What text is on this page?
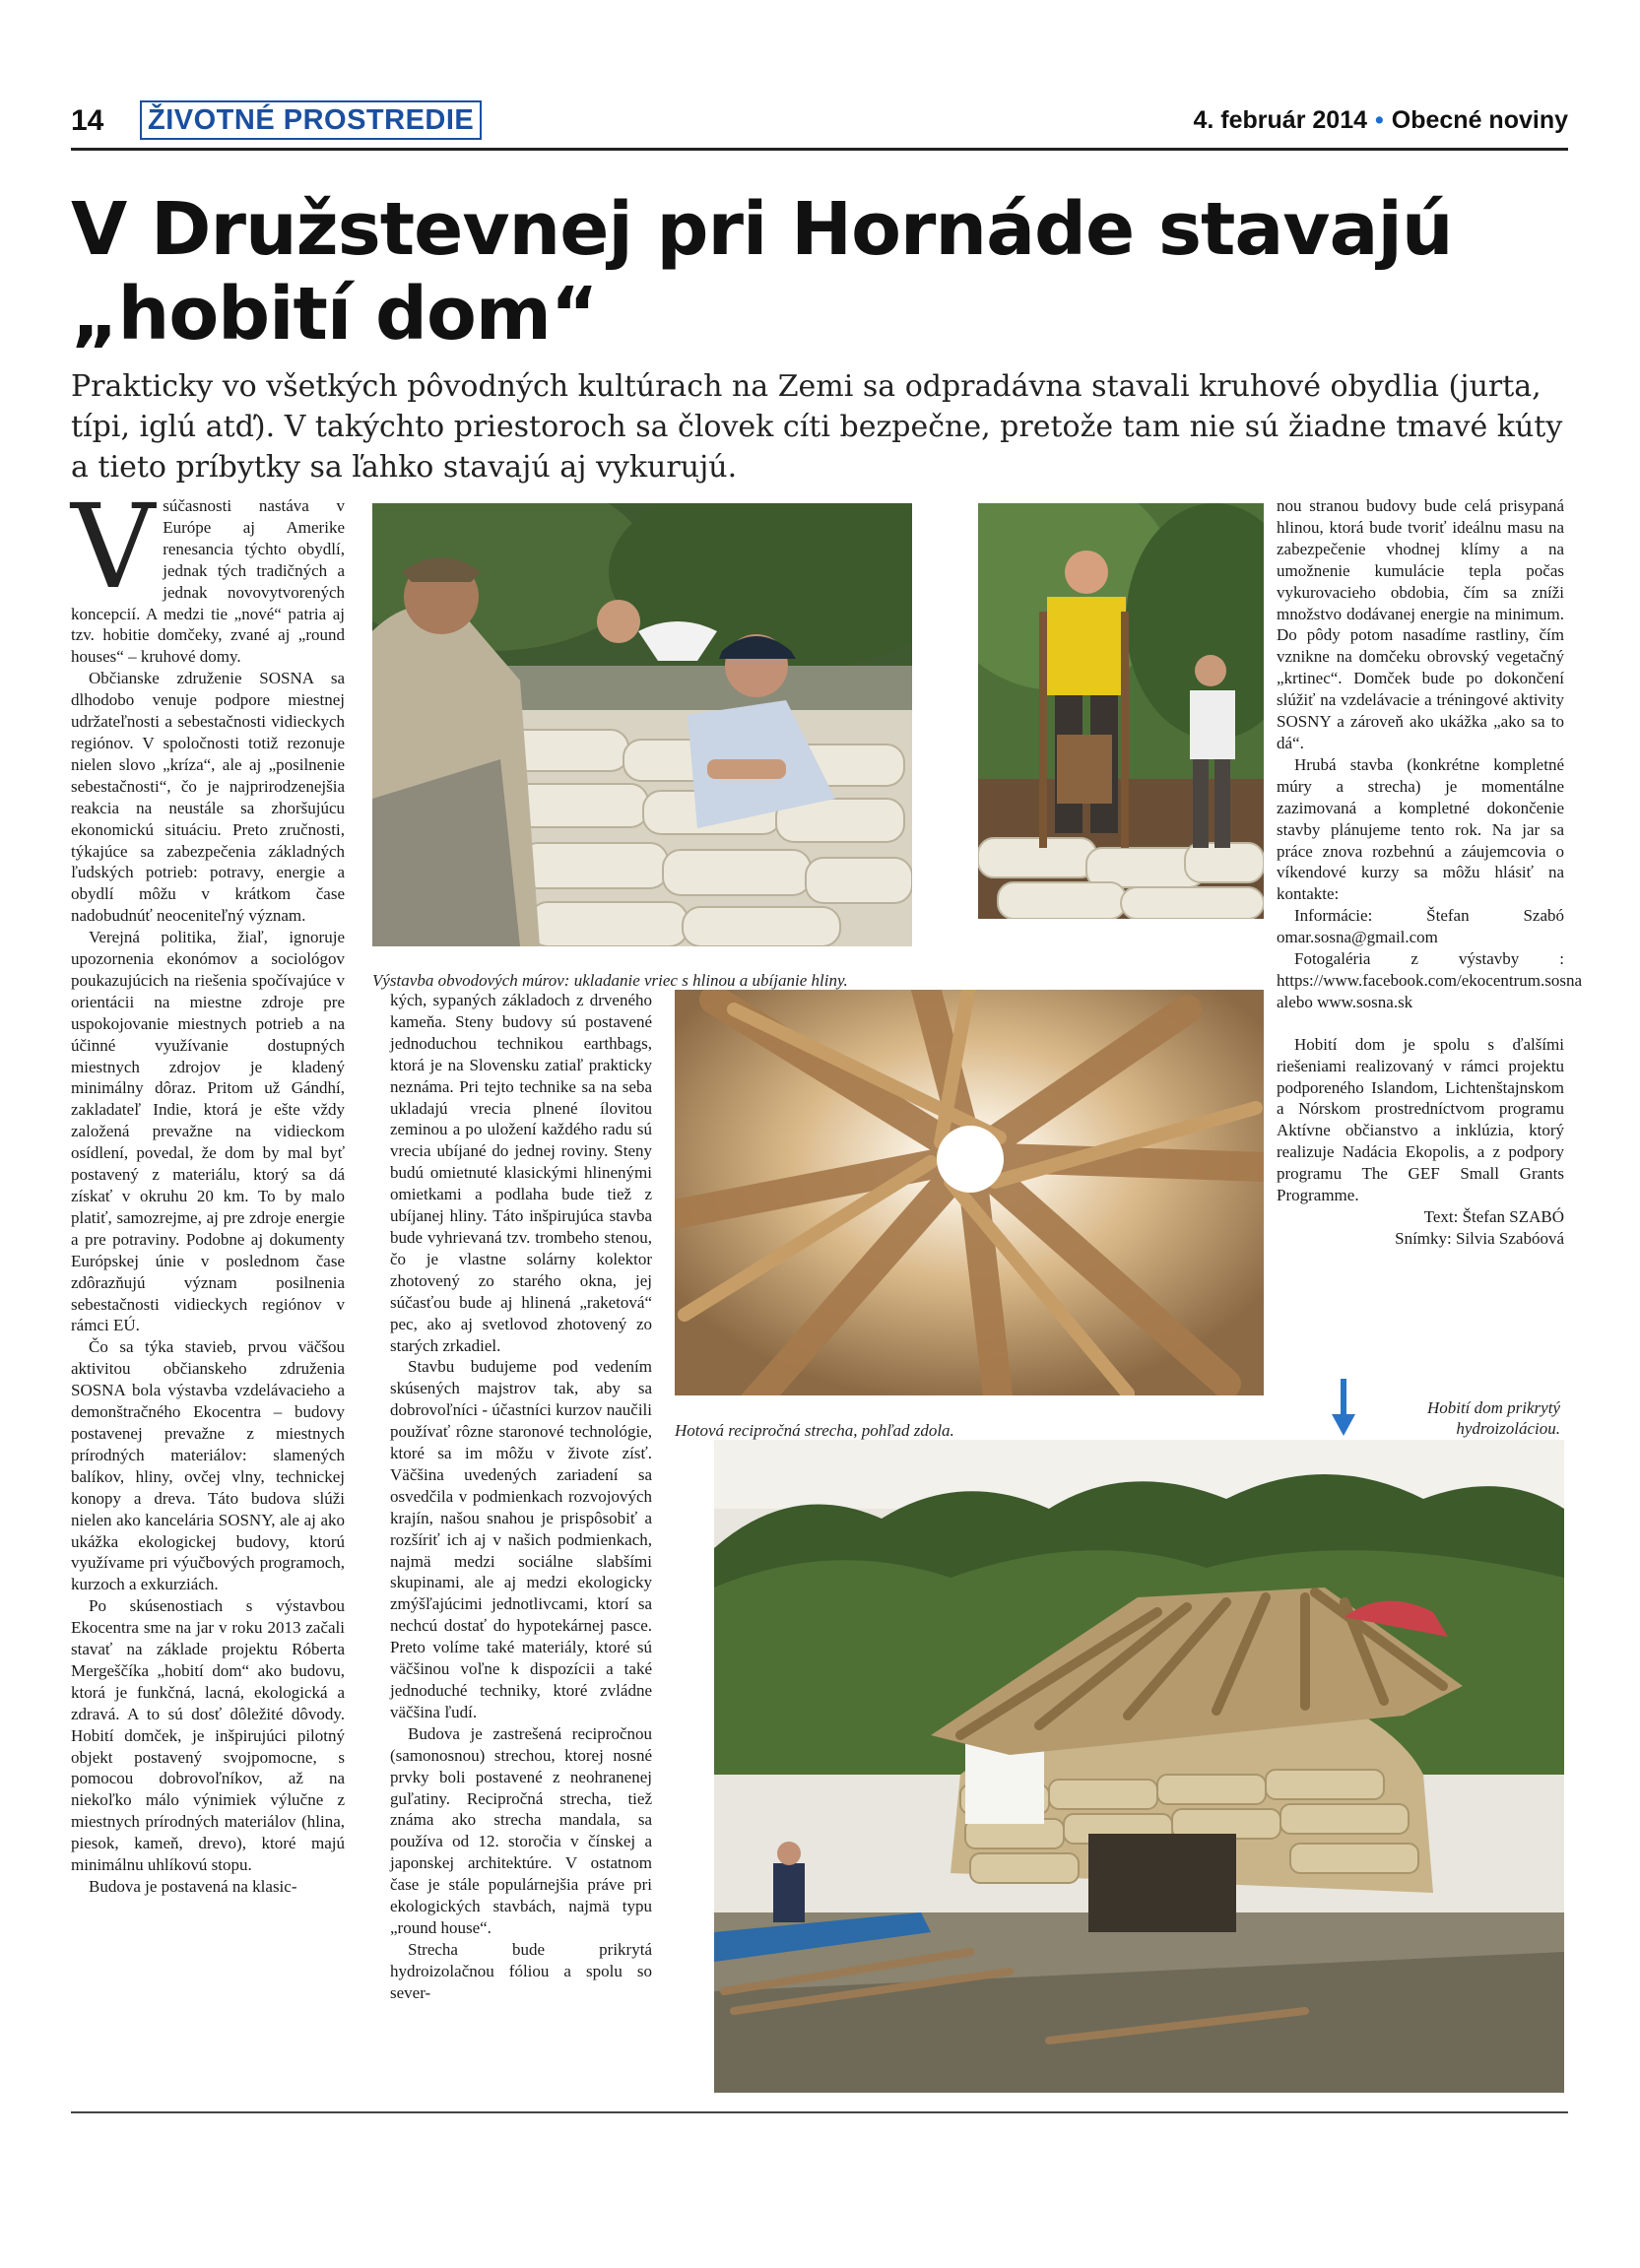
14 ŽIVOTNÉ PROSTREDIE	4. február 2014 • Obecné noviny
V Družstevnej pri Hornáde stavajú
„hobití dom“

Prakticky vo všetkých pôvodných kultúrach na Zemi sa odpradávna stavali kruhové obydlia (jurta, típi, iglú atď). V takýchto priestoroch sa človek cíti bezpečne, pretože tam nie sú žiadne tmavé kúty a tieto príbytky sa ľahko stavajú aj vykurujú.

Vsúčasnosti nastáva v Európe aj Amerike renesancia týchto obydlí, jednak tých tradičných a jednak novovytvorených koncepcií. A medzi tie „nové“ patria aj tzv. hobitie domčeky, zvané aj „round houses“ – kruhové domy.

Občianske združenie SOSNA sa dlhodobo venuje podpore miestnej udržateľnosti a sebestačnosti vidieckych regiónov. V spoločnosti totiž rezonuje nielen slovo „kríza“, ale aj „posilnenie sebestačnosti“, čo je najprirodzenejšia reakcia na neustále sa zhoršujúcu ekonomickú situáciu. Preto zručnosti, týkajúce sa zabezpečenia základných ľudských potrieb: potravy, energie a obydlí môžu v krátkom čase nadobudnúť neoceniteľný význam.

Verejná politika, žiaľ, ignoruje upozornenia ekonómov a sociológov poukazujúcich na riešenia spočívajúce v orientácii na miestne zdroje pre uspokojovanie miestnych potrieb a na účinné využívanie dostupných miestnych zdrojov je kladený minimálny dôraz. Pritom už Gándhí, zakladateľ Indie, ktorá je ešte vždy založená prevažne na vidieckom osídlení, povedal, že dom by mal byť postavený z materiálu, ktorý sa dá získať v okruhu 20 km. To by malo platiť, samozrejme, aj pre zdroje energie a pre potraviny. Podobne aj dokumenty Európskej únie v poslednom čase zdôrazňujú význam posilnenia sebestačnosti vidieckych regiónov v rámci EÚ.

Čo sa týka stavieb, prvou väčšou aktivitou občianskeho združenia SOSNA bola výstavba vzdelávacieho a demonštračného Ekocentra – budovy postavenej prevažne z miestnych prírodných materiálov: slamených balíkov, hliny, ovčej vlny, technickej konopy a dreva. Táto budova slúži nielen ako kancelária SOSNY, ale aj ako ukážka ekologickej budovy, ktorú využívame pri výučbových programoch, kurzoch a exkurziách.

Po skúsenostiach s výstavbou Ekocentra sme na jar v roku 2013 začali stavať na základe projektu Róberta Mergeščíka „hobití dom“ ako budovu, ktorá je funkčná, lacná, ekologická a zdravá. A to sú dosť dôležité dôvody. Hobití domček, je inšpirujúci pilotný objekt postavený svojpomocne, s pomocou dobrovoľníkov, až na niekoľko málo výnimiek výlučne z miestnych prírodných materiálov (hlina, piesok, kameň, drevo), ktoré majú minimálnu uhlíkovú stopu.

Budova je postavená na klasic-

Výstavba obvodových múrov: ukladanie vriec s hlinou a ubíjanie hliny.

kých, sypaných základoch z drveného kameňa. Steny budovy sú postavené jednoduchou technikou earthbags, ktorá je na Slovensku zatiaľ prakticky neznáma. Pri tejto technike sa na seba ukladajú vrecia plnené ílovitou zeminou a po uložení každého radu sú vrecia ubíjané do jednej roviny. Steny budú omietnuté klasickými hlinenými omietkami a podlaha bude tiež z ubíjanej hliny. Táto inšpirujúca stavba bude vyhrievaná tzv. trombeho stenou, čo je vlastne solárny kolektor zhotovený zo starého okna, jej súčasťou bude aj hlinená „raketová“ pec, ako aj svetlovod zhotovený zo starých zrkadiel.

Stavbu budujeme pod vedením skúsených majstrov tak, aby sa dobrovoľníci - účastníci kurzov naučili používať rôzne staronové technológie, ktoré sa im môžu v živote zísť. Väčšina uvedených zariadení sa osvedčila v podmienkach rozvojových krajín, našou snahou je prispôsobiť a rozšíriť ich aj v našich podmienkach, najmä medzi sociálne slabšími skupinami, ale aj medzi ekologicky zmýšľajúcimi jednotlivcami, ktorí sa nechcú dostať do hypotekárnej pasce. Preto volíme také materiály, ktoré sú väčšinou voľne k dispozícii a také jednoduché techniky, ktoré zvládne väčšina ľudí.

Budova je zastrešená recipročnou (samonosnou) strechou, ktorej nosné prvky boli postavené z neohranenej guľatiny. Recipročná strecha, tiež známa ako strecha mandala, sa používa od 12. storočia v čínskej a japonskej architektúre. V ostatnom čase je stále populárnejšia práve pri ekologických stavbách, najmä typu „round house“.

Strecha bude prikrytá hydroizolačnou fóliou a spolu so sever-

Hotová recipročná strecha, pohľad zdola.

nou stranou budovy bude celá prisypaná hlinou, ktorá bude tvoriť ideálnu masu na zabezpečenie vhodnej klímy a na umožnenie kumulácie tepla počas vykurovacieho obdobia, čím sa zníži množstvo dodávanej energie na minimum. Do pôdy potom nasadíme rastliny, čím vznikne na domčeku obrovský vegetačný „krtinec“. Domček bude po dokončení slúžiť na vzdelávacie a tréningové aktivity SOSNY a zároveň ako ukážka „ako sa to dá“.

Hrubá stavba (konkrétne kompletné múry a strecha) je momentálne zazimovaná a kompletné dokončenie stavby plánujeme tento rok. Na jar sa práce znova rozbehnú a záujemcovia o víkendové kurzy sa môžu hlásiť na kontakte:

Informácie: Štefan Szabó omar.sosna@gmail.com

Fotogaléria z výstavby : https://www.facebook.com/ekocentrum.sosna alebo www.sosna.sk

Hobití dom je spolu s ďalšími riešeniami realizovaný v rámci projektu podporeného Islandom, Lichtenštajnskom a Nórskom prostredníctvom programu Aktívne občianstvo a inklúzia, ktorý realizuje Nadácia Ekopolis, a z podpory programu The GEF Small Grants Programme.

Text: Štefan SZABÓ

Snímky: Silvia Szabóová

Hobití dom prikrytý hydroizoláciou.
